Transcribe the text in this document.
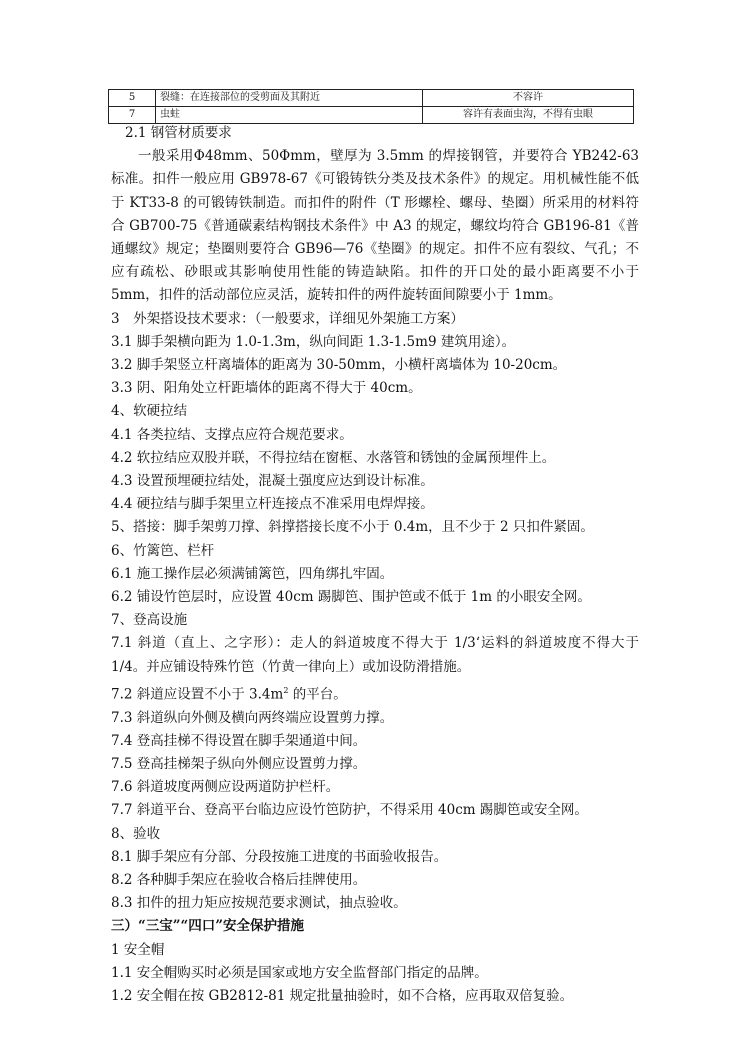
5	裂缝：在连接部位的受剪面及其附近	不容许
7	虫蛀	容许有表面虫沟，不得有虫眼
2.1 钢管材质要求
一般采用Φ48mm、50Φmm，壁厚为 3.5mm 的焊接钢管，并要符合 YB242-63 标准。扣件一般应用 GB978-67《可锻铸铁分类及技术条件》的规定。用机械性能不低于 KT33-8 的可锻铸铁制造。而扣件的附件（T 形螺栓、螺母、垫圈）所采用的材料符合 GB700-75《普通碳素结构钢技术条件》中 A3 的规定，螺纹均符合 GB196-81《普通螺纹》规定；垫圈则要符合 GB96—76《垫圈》的规定。扣件不应有裂纹、气孔；不应有疏松、砂眼或其影响使用性能的铸造缺陷。扣件的开口处的最小距离要不小于 5mm，扣件的活动部位应灵活，旋转扣件的两件旋转面间隙要小于 1mm。
3　外架搭设技术要求：（一般要求，详细见外架施工方案）
3.1 脚手架横向距为 1.0-1.3m，纵向间距 1.3-1.5m9 建筑用途）。
3.2 脚手架竖立杆离墙体的距离为 30-50mm，小横杆离墙体为 10-20cm。
3.3 阴、阳角处立杆距墙体的距离不得大于 40cm。
4、软硬拉结
4.1 各类拉结、支撑点应符合规范要求。
4.2 软拉结应双股并联，不得拉结在窗框、水落管和锈蚀的金属预埋件上。
4.3 设置预埋硬拉结处，混凝土强度应达到设计标准。
4.4 硬拉结与脚手架里立杆连接点不准采用电焊焊接。
5、搭接：脚手架剪刀撑、斜撑搭接长度不小于 0.4m，且不少于 2 只扣件紧固。
6、竹篱笆、栏杆
6.1 施工操作层必须满铺篱笆，四角绑扎牢固。
6.2 铺设竹笆层时，应设置 40cm 踢脚笆、围护笆或不低于 1m 的小眼安全网。
7、登高设施
7.1 斜道（直上、之字形）：走人的斜道坡度不得大于 1/3‘运料的斜道坡度不得大于 1/4。并应铺设特殊竹笆（竹黄一律向上）或加设防滑措施。
7.2 斜道应设置不小于 $3.4m^2$ 的平台。
7.3 斜道纵向外侧及横向两终端应设置剪力撑。
7.4 登高挂梯不得设置在脚手架通道中间。
7.5 登高挂梯架子纵向外侧应设置剪力撑。
7.6 斜道坡度两侧应设两道防护栏杆。
7.7 斜道平台、登高平台临边应设竹笆防护，不得采用 40cm 踢脚笆或安全网。
8、验收
8.1 脚手架应有分部、分段按施工进度的书面验收报告。
8.2 各种脚手架应在验收合格后挂牌使用。
8.3 扣件的扭力矩应按规范要求测试，抽点验收。
三）“三宝”“四口”安全保护措施
1 安全帽
1.1 安全帽购买时必须是国家或地方安全监督部门指定的品牌。
1.2 安全帽在按 GB2812-81 规定批量抽验时，如不合格，应再取双倍复验。
